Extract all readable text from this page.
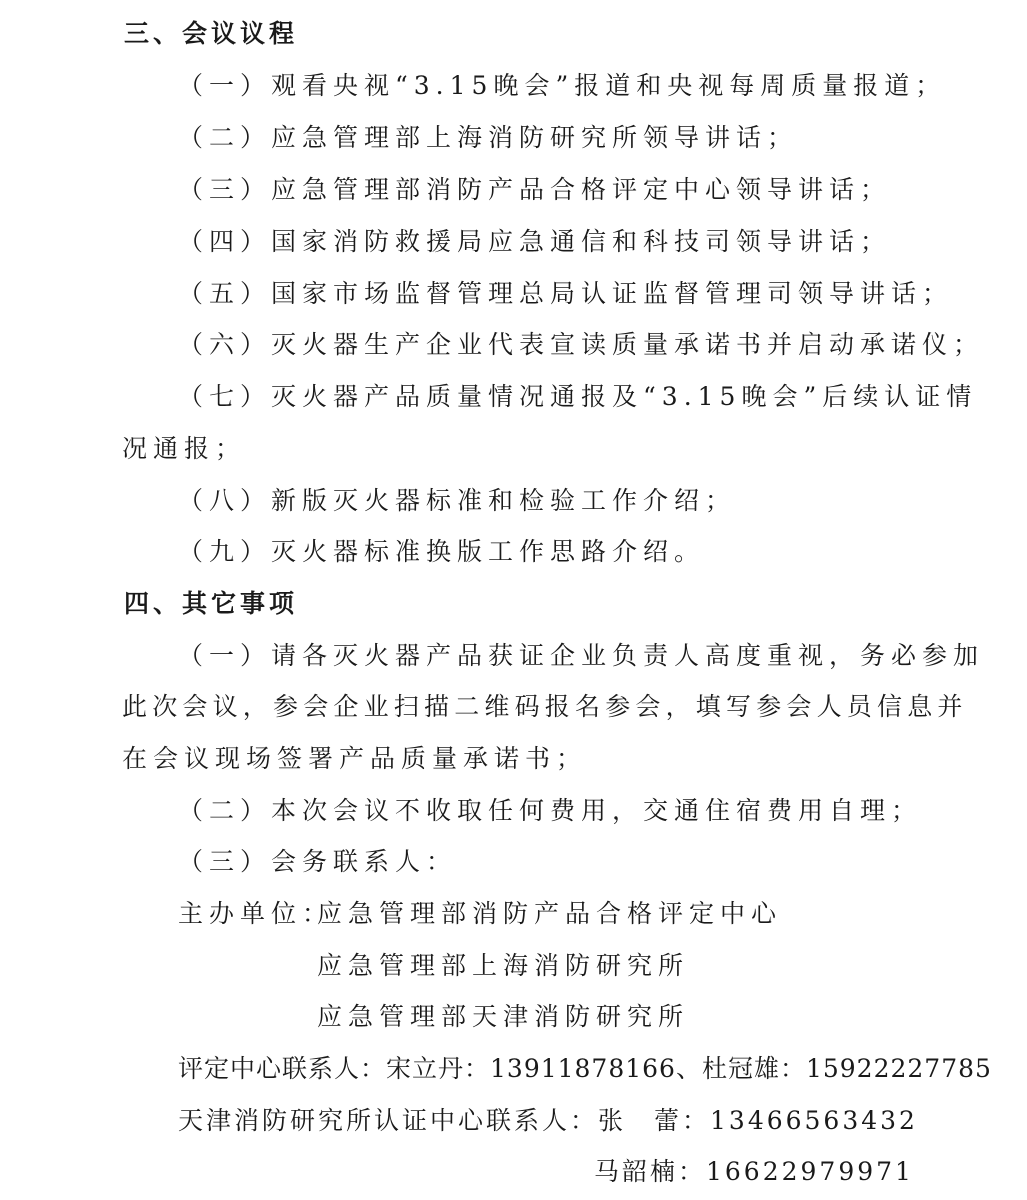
三、会议议程
（一）观看央视“3.15晚会”报道和央视每周质量报道；
（二）应急管理部上海消防研究所领导讲话；
（三）应急管理部消防产品合格评定中心领导讲话；
（四）国家消防救援局应急通信和科技司领导讲话；
（五）国家市场监督管理总局认证监督管理司领导讲话；
（六）灭火器生产企业代表宣读质量承诺书并启动承诺仪；
（七）灭火器产品质量情况通报及“3.15晚会”后续认证情
况通报；
（八）新版灭火器标准和检验工作介绍；
（九）灭火器标准换版工作思路介绍。
四、其它事项
（一）请各灭火器产品获证企业负责人高度重视，务必参加
此次会议，参会企业扫描二维码报名参会，填写参会人员信息并
在会议现场签署产品质量承诺书；
（二）本次会议不收取任何费用，交通住宿费用自理；
（三）会务联系人：
主办单位：
应急管理部消防产品合格评定中心
应急管理部上海消防研究所
应急管理部天津消防研究所
评定中心联系人：宋立丹：13911878166、杜冠雄：15922227785
天津消防研究所认证中心联系人：张　蕾：13466563432
马韶楠：16622979971
